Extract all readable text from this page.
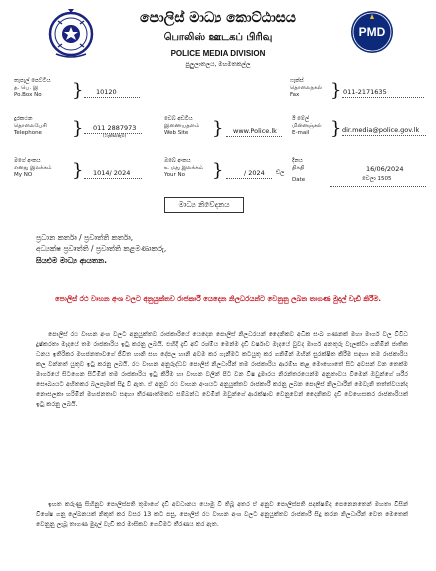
PMD
පොලිස් මාධ්‍ය කොට්ඨාසය
பொலிஸ் ஊடகப் பிரிவு
POLICE MEDIA DIVISION
පුලුලාතලය, මහමතකල්ල
තැපැල් පෙට්ටිය
த. பெ. இ
Po.Box No	} 10120
ෆැක්ස්
தொலைநகல்
Fax	} 011-2171635
දුරකථන
தொலைபேசி
Telephone } 011 2887973
(ෆැක්ස්/ඇම)
වෙබ් අඩවිය
இணையதளம்
Web Site	} www.Police.lk
ඊ මේල්
மின்னஞ்சல்
E-mail	} dir.media@police.gov.lk
මගේ අංකය
எனது இலக்கம்
My NO	} 1014/ 2024
ඔබේ අංකය
உ மது இலக்கம்
Your No	}	/ 2024 ඩ්ල
දිනය
திகதி
Date
16/06/2024
වෙලා 1505
මාධ්‍ය නිවේදනය
ප්‍රධාන කර්තෘ / ප්‍රවෘත්ති කර්තෘ,
අධ්‍යක්ෂ ප්‍රවෘත්ති / ප්‍රවෘත්ති කළමණාකරු,
සියළුම මාධ්‍ය ආයතන.
පොලිස් රථ වාහන අංශ වලට අනුයුක්තව රාජකාරී යෙදෙන නිලධරයන්ට වෙනුනු ලබන තාගණ මුදල් වැඩි කිරීම.
පොලිස් රථ වාහන අංශ වලට අනුයුක්තව රාජකාරියේ යෙදෙන පොලිස් නිලධරයන් දෛනිකව අධික සංඛ ගණනක් මහා මාර්ග වල විවිධ දුෂ්කරතා මැදයේ තම රාජකාරිය ඉටු කරනු ලබයි. එහිදී දැඩි අව් රශ්මිය මෙන්ම දැඩි වර්ෂාව මැදයේ වුවද මාර්ග අනතුරු වැලක්වා ගනිමින් ජාතික ධනය ඉතිරිකර මහජනතාවගේ ජීවිත හානි සහ දේපල හානි අවම කර ගැනීමට කටයුතු කර ගනිමින් ඔහින් සුරක්ෂිත කිරීම සඳහා තම රාජකාරිය කල වන්නත් යුතුව ඉටු කරනු ලබයි. රථ වාහන අනුරුද්ධව පොලිස් නිලධාරීන් තම රාජකාරිය ආරම්භ කළ මොහොතේ සිට අවසන් වන තෙක්ම මාර්ගයේ සිටගෙන සිටිමින් තම රාජකාරිය ඉටු කිරීම හා වාහන වලින් පිට වන විෂ දුමාරය නිරන්තරයෙන්ම අනුතාවය වීමෙන් ඔවුන්ගේ ශරීර සෞඛ්‍යයට අහිතකර බලපෑමක් සිදු වී ඇත. ඒ අනුව රථ වාහන අංශයට අනුයුක්තව රාජකාරී කරනු ලබන පොලිස් නිලධාරීන් මෙවැනි තත්ත්වයන්ද නොසලකා හරිමින් මහජනතාව සඳහා තීරණාත්මකව සම්බන්ධ වෙමින් ඔවුන්ගේ ආරක්ෂාව වෙනුවෙන් දෛනිකව දැඩි වෙහෙසකර රාජකාරියක් ඉටු කරනු ලබයි.
ඉහත කරුණු සිහිනුව පොලිස්පති තුමාගේ දැඩි අවධානය යොමු වී තිබූ අතර ඒ අනුව පොලිස්පති පදක්ෂම්ද පෙනෙනතෙන් මහතා විසින් විශේෂ ගනු ලේඛනයක් නිකුත් කර වසර 13 කට පසු, පොලිස් රථ වාහන අංශ වලට අනුයුක්තව රාජකාරී සිදු කරන නිලධාරීන් වෙත මෙතෙක් වෙනුනු ලැබූ තාගණ මුදල් වැඩි කර මාසිකව ගෙවීමට තීරණය කර ඇත.
